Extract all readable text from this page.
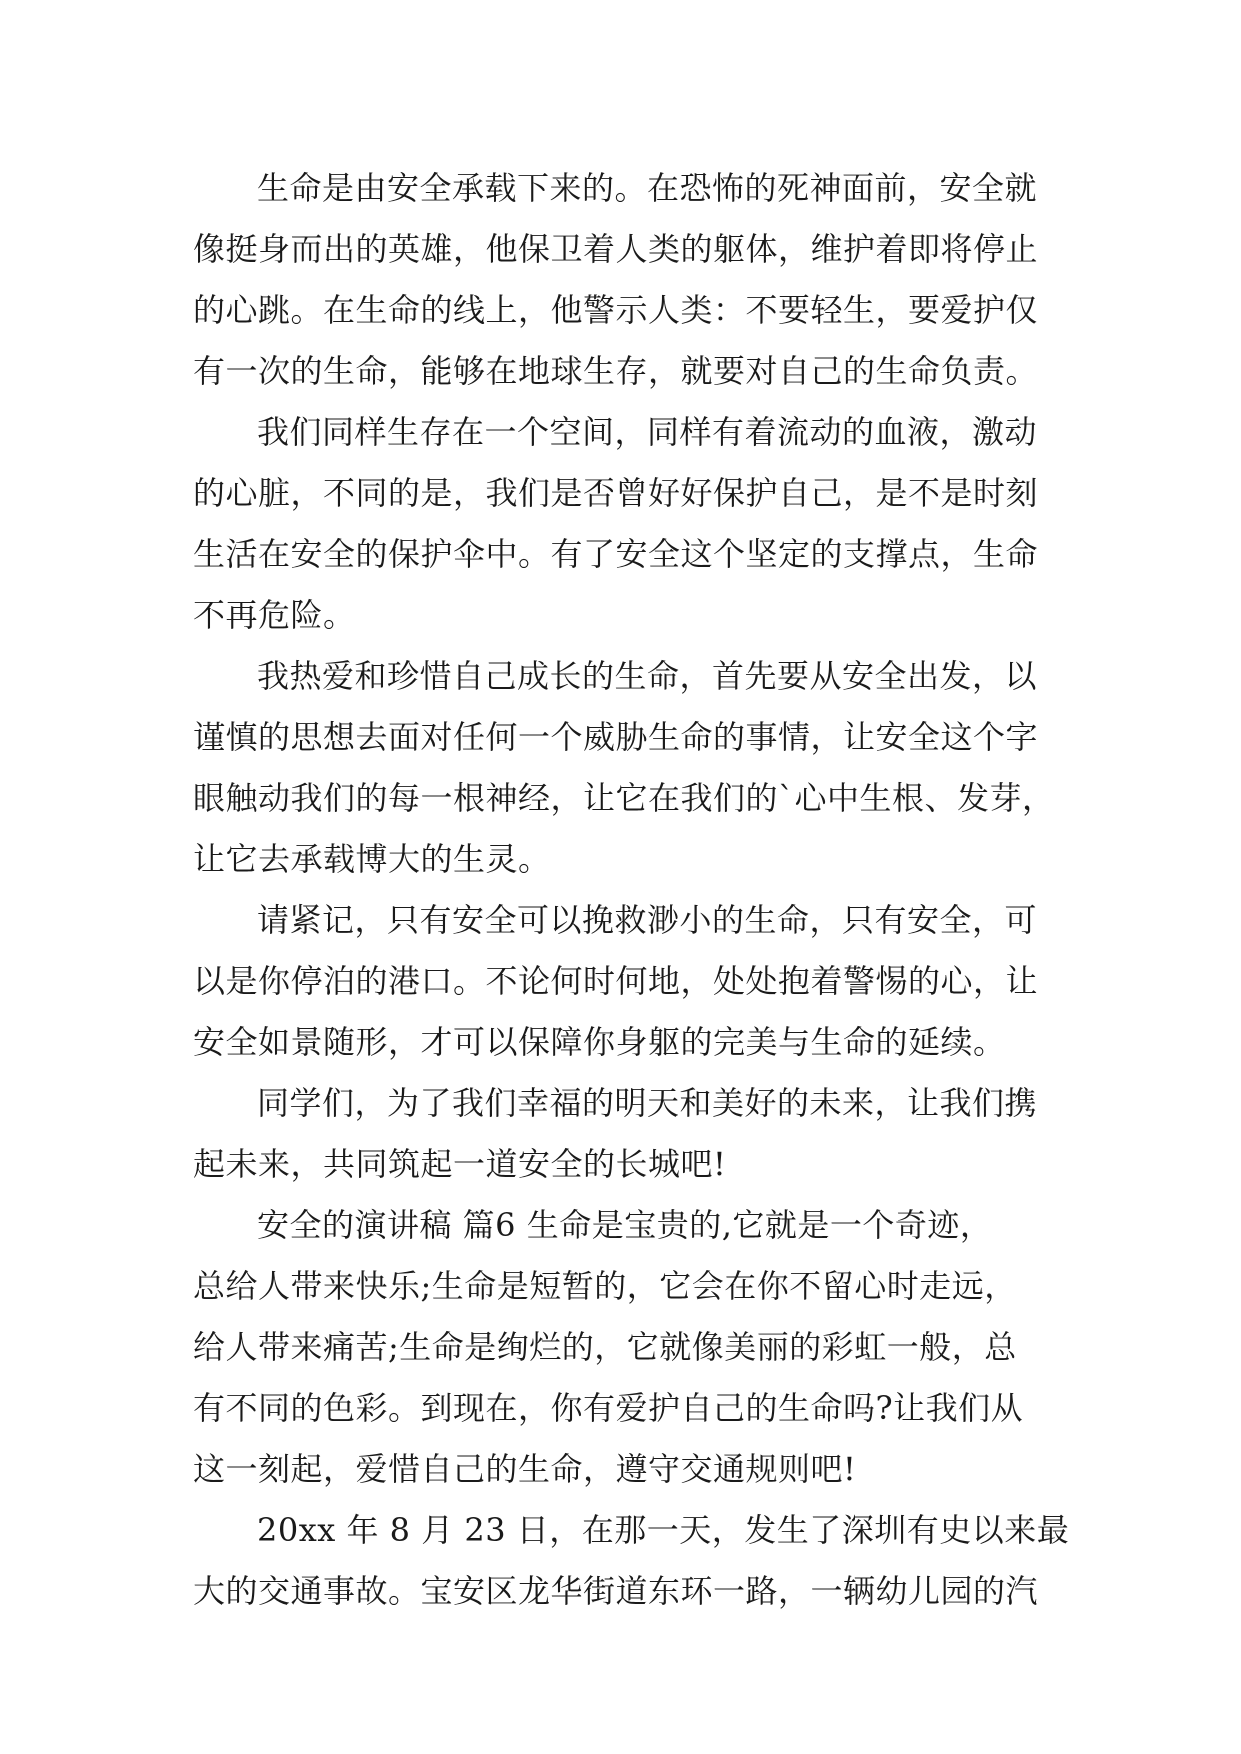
生命是由安全承载下来的。在恐怖的死神面前，安全就
像挺身而出的英雄，他保卫着人类的躯体，维护着即将停止
的心跳。在生命的线上，他警示人类：不要轻生，要爱护仅
有一次的生命，能够在地球生存，就要对自己的生命负责。
我们同样生存在一个空间，同样有着流动的血液，激动
的心脏，不同的是，我们是否曾好好保护自己，是不是时刻
生活在安全的保护伞中。有了安全这个坚定的支撑点，生命
不再危险。
我热爱和珍惜自己成长的生命，首先要从安全出发，以
谨慎的思想去面对任何一个威胁生命的事情，让安全这个字
眼触动我们的每一根神经，让它在我们的`心中生根、发芽，
让它去承载博大的生灵。
请紧记，只有安全可以挽救渺小的生命，只有安全，可
以是你停泊的港口。不论何时何地，处处抱着警惕的心，让
安全如景随形，才可以保障你身躯的完美与生命的延续。
同学们，为了我们幸福的明天和美好的未来，让我们携
起未来，共同筑起一道安全的长城吧!
安全的演讲稿 篇6 生命是宝贵的,它就是一个奇迹，
总给人带来快乐;生命是短暂的，它会在你不留心时走远，
给人带来痛苦;生命是绚烂的，它就像美丽的彩虹一般，总
有不同的色彩。到现在，你有爱护自己的生命吗?让我们从
这一刻起，爱惜自己的生命，遵守交通规则吧!
20xx 年 8 月 23 日，在那一天，发生了深圳有史以来最
大的交通事故。宝安区龙华街道东环一路，一辆幼儿园的汽
